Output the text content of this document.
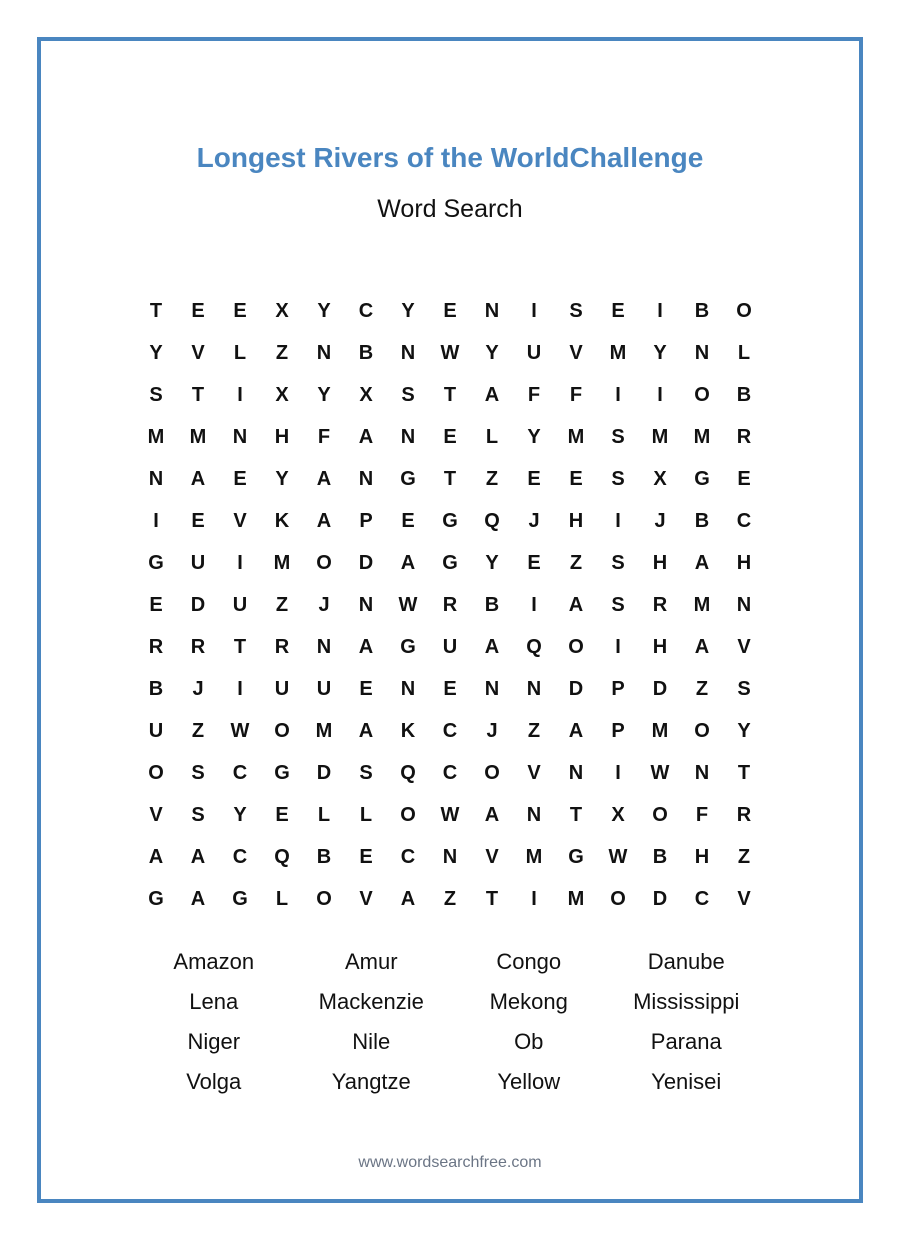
Longest Rivers of the WorldChallenge
Word Search
T	E	E	X	Y	C	Y	E	N	I	S	E	I	B	O
Y	V	L	Z	N	B	N	W	Y	U	V	M	Y	N	L
S	T	I	X	Y	X	S	T	A	F	F	I	I	O	B
M	M	N	H	F	A	N	E	L	Y	M	S	M	M	R
N	A	E	Y	A	N	G	T	Z	E	E	S	X	G	E
I	E	V	K	A	P	E	G	Q	J	H	I	J	B	C
G	U	I	M	O	D	A	G	Y	E	Z	S	H	A	H
E	D	U	Z	J	N	W	R	B	I	A	S	R	M	N
R	R	T	R	N	A	G	U	A	Q	O	I	H	A	V
B	J	I	U	U	E	N	E	N	N	D	P	D	Z	S
U	Z	W	O	M	A	K	C	J	Z	A	P	M	O	Y
O	S	C	G	D	S	Q	C	O	V	N	I	W	N	T
V	S	Y	E	L	L	O	W	A	N	T	X	O	F	R
A	A	C	Q	B	E	C	N	V	M	G	W	B	H	Z
G	A	G	L	O	V	A	Z	T	I	M	O	D	C	V
Amazon	Amur	Congo	Danube
Lena	Mackenzie	Mekong	Mississippi
Niger	Nile	Ob	Parana
Volga	Yangtze	Yellow	Yenisei
www.wordsearchfree.com
